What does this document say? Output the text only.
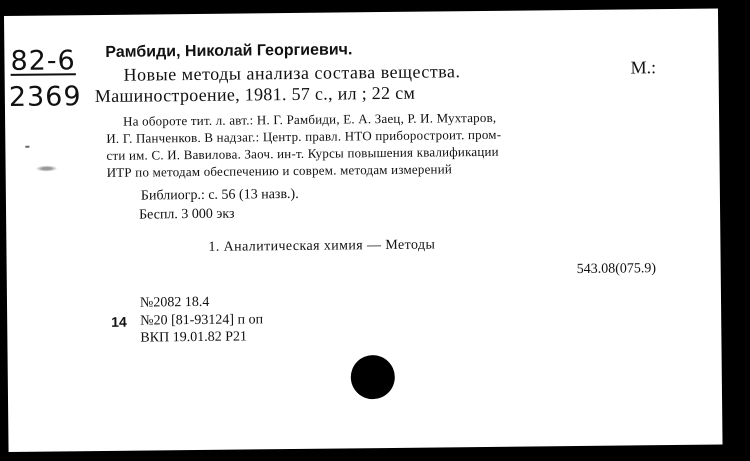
82-6
2369
Рамбиди, Николай Георгиевич.
Новые методы анализа состава вещества.	М.:
Машиностроение, 1981. 57 с., ил ; 22 см
На обороте тит. л. авт.: Н. Г. Рамбиди, Е. А. Заец, Р. И. Мухтаров,
И. Г. Панченков. В надзаг.: Центр. правл. НТО приборостроит. пром-
сти им. С. И. Вавилова. Заоч. ин-т. Курсы повышения квалификации
ИТР по методам обеспечению и соврем. методам измерений
Библиогр.: с. 56 (13 назв.).
Беспл. 3 000 экз
1. Аналитическая химия — Методы
543.08(075.9)
№2082 18.4
14 №20 [81-93124] п оп
ВКП 19.01.82 Р21
